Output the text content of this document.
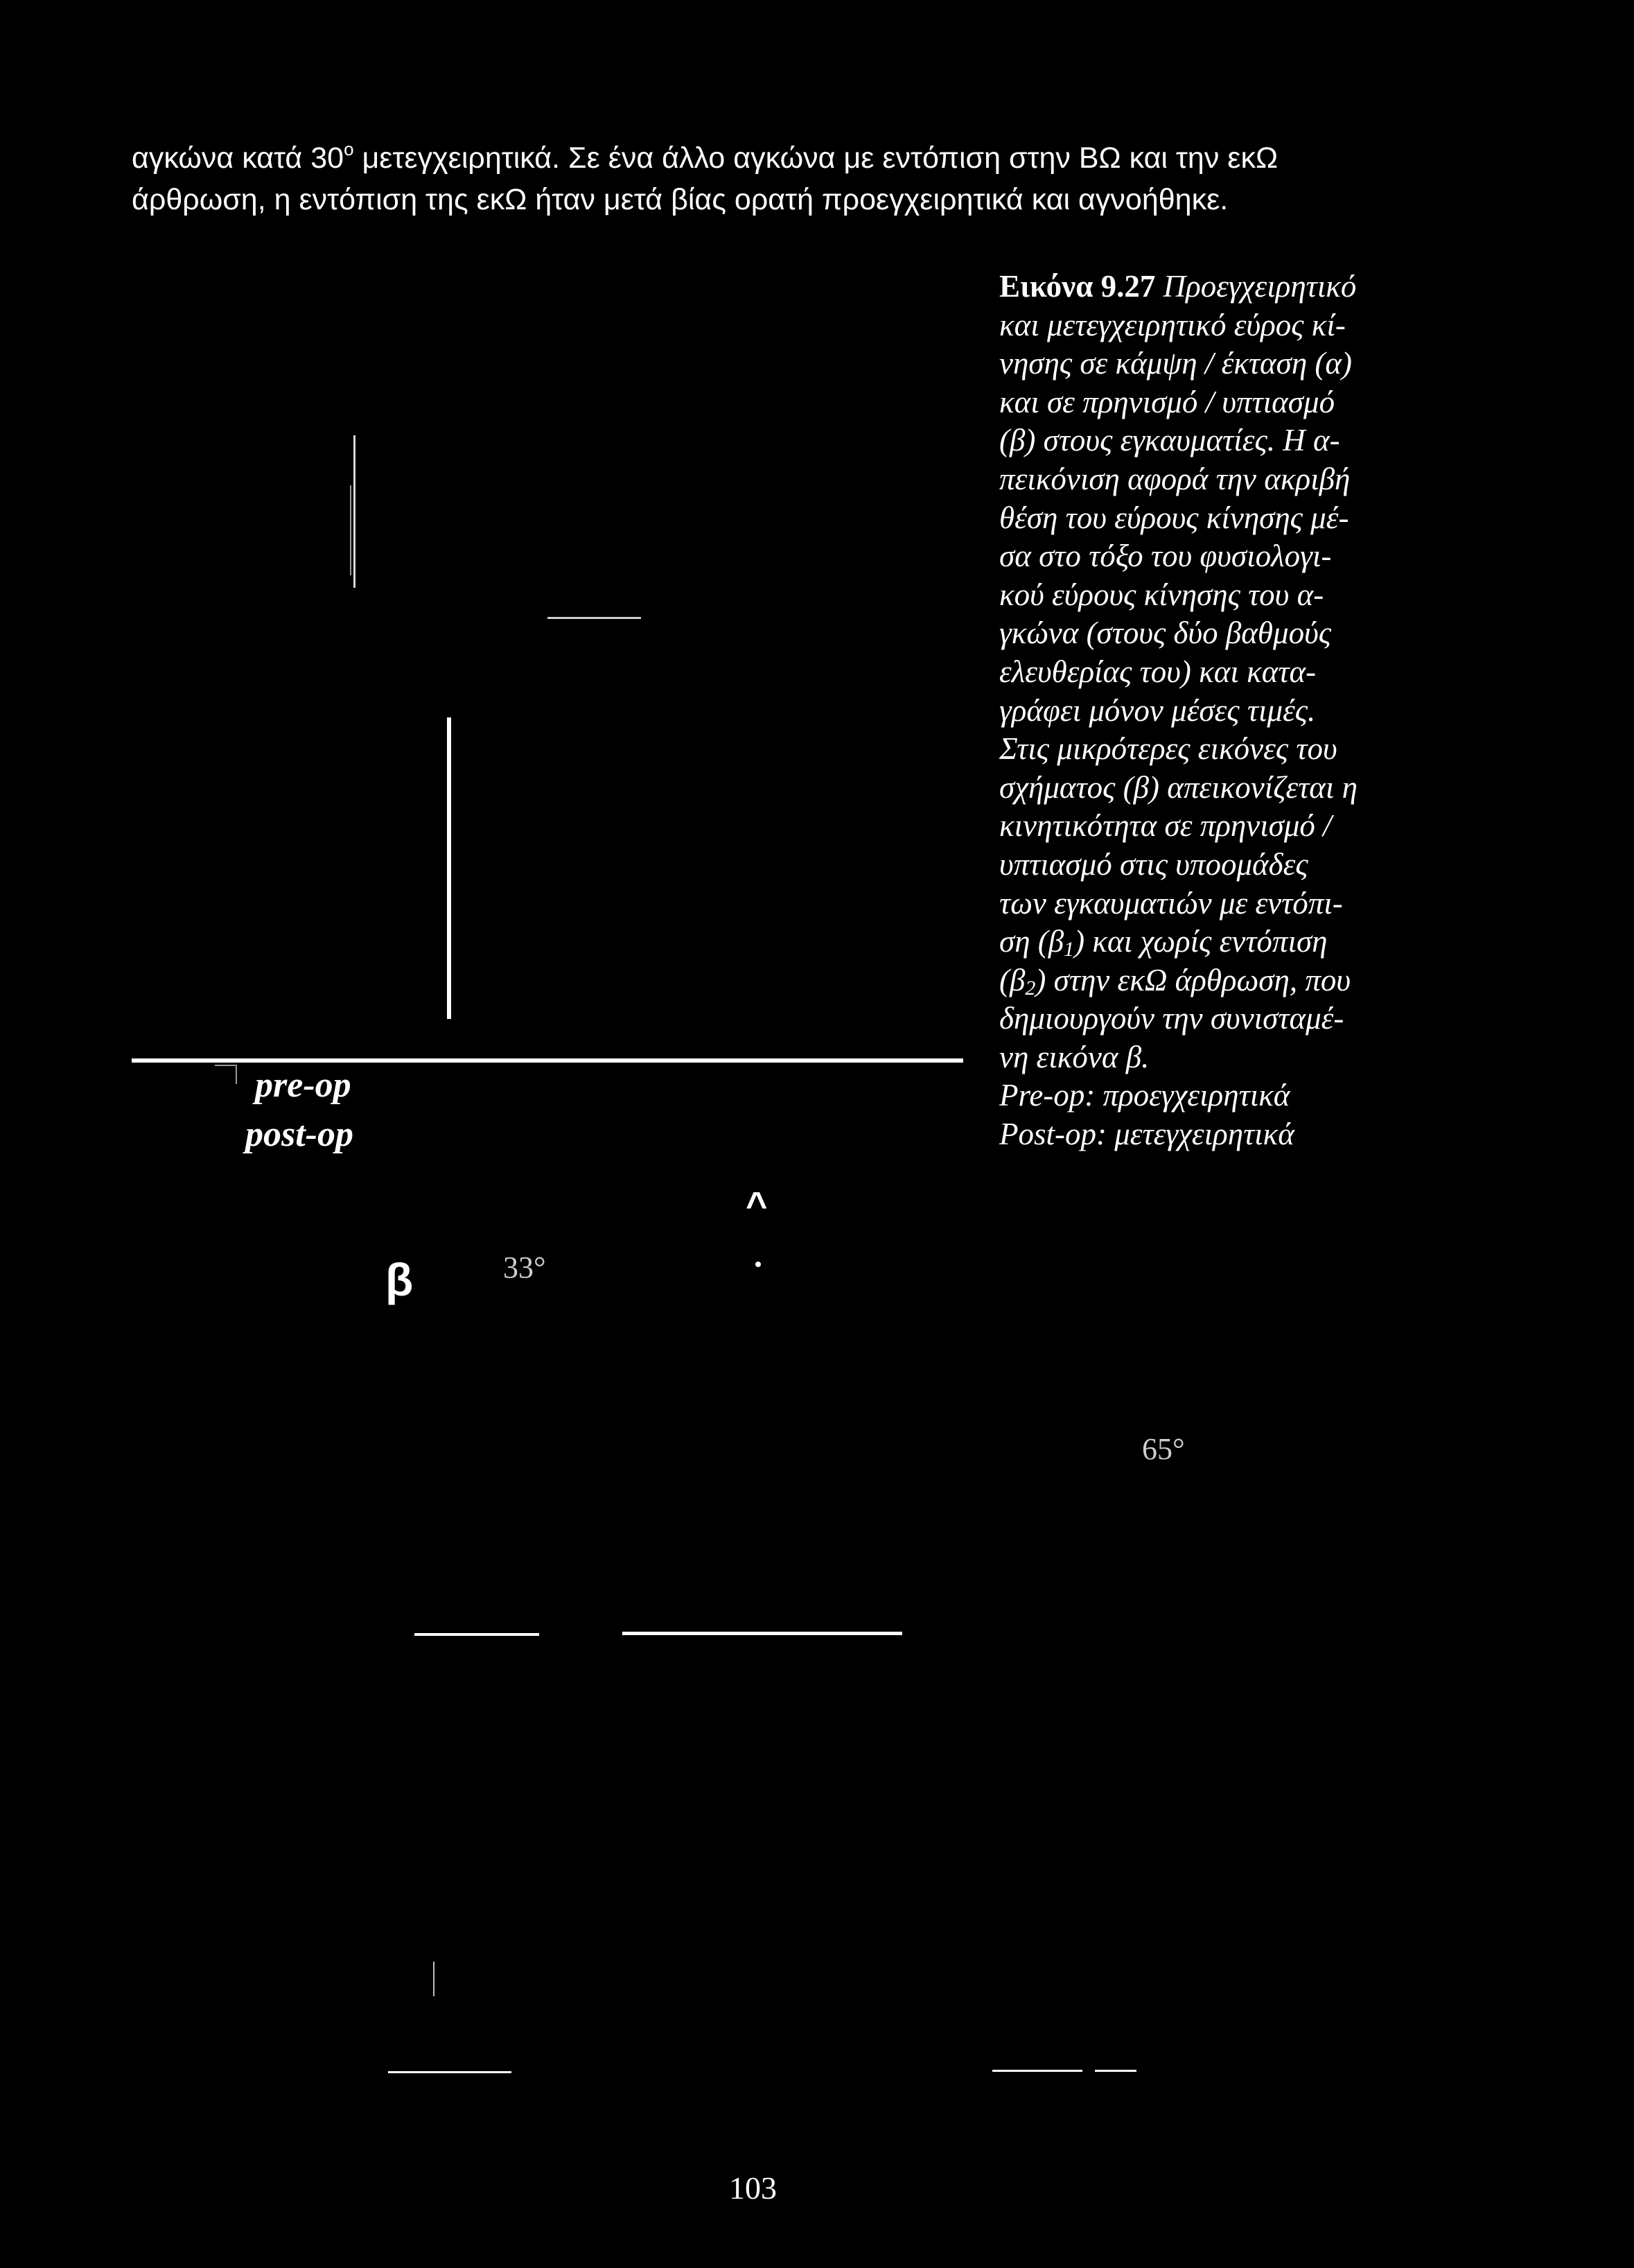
αγκώνα κατά $30^o$ μετεγχειρητικά. Σε ένα άλλο αγκώνα με εντόπιση στην ΒΩ και την εκΩ
άρθρωση, η εντόπιση της εκΩ ήταν μετά βίας ορατή προεγχειρητικά και αγνοήθηκε.
Εικόνα 9.27 Προεγχειρητικό
και μετεγχειρητικό εύρος κί-
νησης σε κάμψη / έκταση (α)
και σε πρηνισμό / υπτιασμό
(β) στους εγκαυματίες. Η α-
πεικόνιση αφορά την ακριβή
θέση του εύρους κίνησης μέ-
σα στο τόξο του φυσιολογι-
κού εύρους κίνησης του α-
γκώνα (στους δύο βαθμούς
ελευθερίας του) και κατα-
γράφει μόνον μέσες τιμές.
Στις μικρότερες εικόνες του
σχήματος (β) απεικονίζεται η
κινητικότητα σε πρηνισμό /
υπτιασμό στις υποομάδες
των εγκαυματιών με εντόπι-
ση $(\beta_1)$ και χωρίς εντόπιση
$(\beta_2)$ στην εκΩ άρθρωση, που
δημιουργούν την συνισταμέ-
νη εικόνα β.
Pre-op: προεγχειρητικά
Post-op: μετεγχειρητικά
pre-op
post-op
^
β	33°
65°
103
